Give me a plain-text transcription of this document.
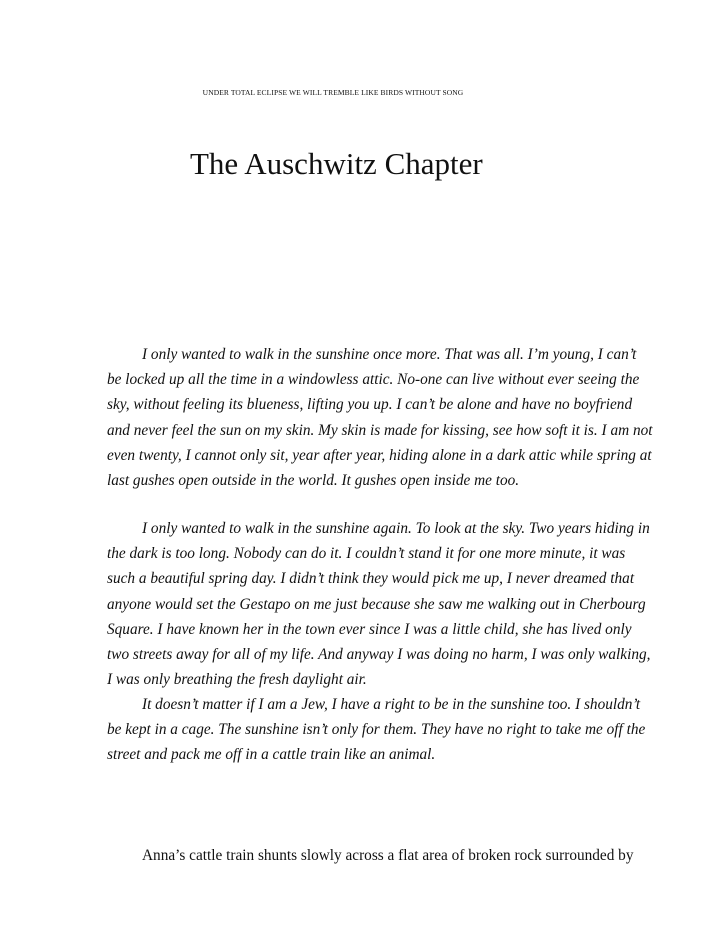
UNDER TOTAL ECLIPSE WE WILL TREMBLE LIKE BIRDS WITHOUT SONG
The Auschwitz Chapter
I only wanted to walk in the sunshine once more. That was all. I’m young, I can’t
be locked up all the time in a windowless attic. No-one can live without ever seeing the
sky, without feeling its blueness, lifting you up. I can’t be alone and have no boyfriend
and never feel the sun on my skin. My skin is made for kissing, see how soft it is. I am not
even twenty, I cannot only sit, year after year, hiding alone in a dark attic while spring at
last gushes open outside in the world. It gushes open inside me too.
I only wanted to walk in the sunshine again. To look at the sky. Two years hiding in
the dark is too long. Nobody can do it. I couldn’t stand it for one more minute, it was
such a beautiful spring day. I didn’t think they would pick me up, I never dreamed that
anyone would set the Gestapo on me just because she saw me walking out in Cherbourg
Square. I have known her in the town ever since I was a little child, she has lived only
two streets away for all of my life. And anyway I was doing no harm, I was only walking,
I was only breathing the fresh daylight air.
It doesn’t matter if I am a Jew, I have a right to be in the sunshine too. I shouldn’t
be kept in a cage. The sunshine isn’t only for them. They have no right to take me off the
street and pack me off in a cattle train like an animal.
Anna’s cattle train shunts slowly across a flat area of broken rock surrounded by
